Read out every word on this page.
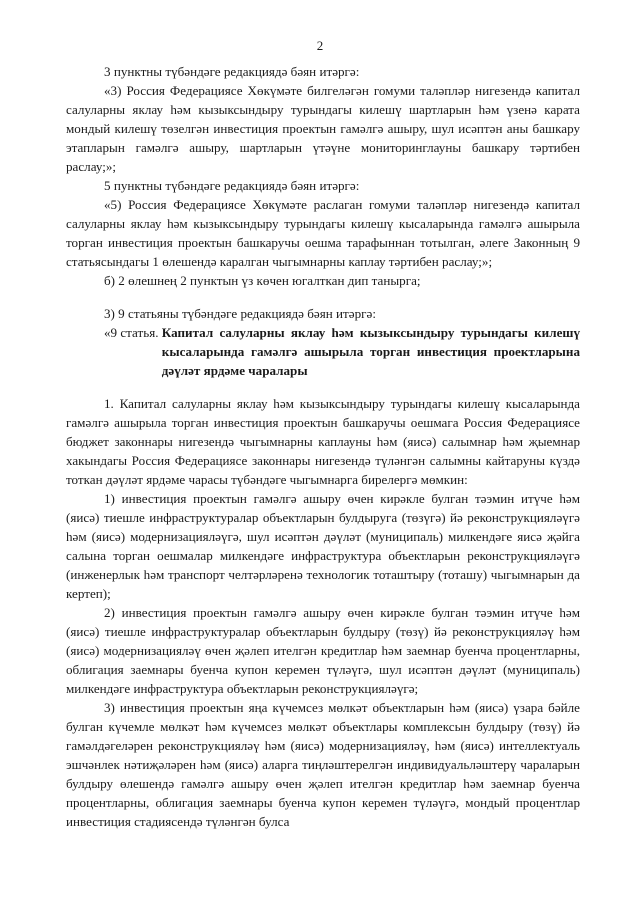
2

3 пунктны түбәндәге редакциядә бәян итәргә:

«3) Россия Федерациясе Хөкүмәте билгеләгән гомуми таләпләр нигезендә капитал салуларны яклау һәм кызыксындыру турындагы килешү шартларын һәм үзенә карата мондый килешү төзелгән инвестиция проектын гамәлгә ашыру, шул исәптән аны башкару этапларын гамәлгә ашыру, шартларын үтәүне мониторинглауны башкару тәртибен раслау;»;

5 пунктны түбәндәге редакциядә бәян итәргә:

«5) Россия Федерациясе Хөкүмәте раслаган гомуми таләпләр нигезендә капитал салуларны яклау һәм кызыксындыру турындагы килешү кысаларында гамәлгә ашырыла торган инвестиция проектын башкаручы оешма тарафыннан тотылган, әлеге Законның 9 статьясындагы 1 өлешендә каралган чыгымнарны каплау тәртибен раслау;»;

б) 2 өлешнең 2 пунктын үз көчен югалткан дип танырга;

3) 9 статьяны түбәндәге редакциядә бәян итәргә:

«9 статья. Капитал салуларны яклау һәм кызыксындыру турындагы килешү кысаларында гамәлгә ашырыла торган инвестиция проектларына дәүләт ярдәме чаралары

1. Капитал салуларны яклау һәм кызыксындыру турындагы килешү кысаларында гамәлгә ашырыла торган инвестиция проектын башкаручы оешмага Россия Федерациясе бюджет законнары нигезендә чыгымнарны каплауны һәм (яисә) салымнар һәм җыемнар хакындагы Россия Федерациясе законнары нигезендә түләнгән салымны кайтаруны күздә тоткан дәүләт ярдәме чарасы түбәндәге чыгымнарга бирелергә мөмкин:

1) инвестиция проектын гамәлгә ашыру өчен кирәкле булган тәэмин итүче һәм (яисә) тиешле инфраструктуралар объектларын булдыруга (төзүгә) йә реконструкцияләүгә һәм (яисә) модернизацияләүгә, шул исәптән дәүләт (муниципаль) милкендәге яисә җәйга салына торган оешмалар милкендәге инфраструктура объектларын реконструкцияләүгә (инженерлык һәм транспорт челтәрләренә технологик тоташтыру (тоташу) чыгымнарын да кертеп);

2) инвестиция проектын гамәлгә ашыру өчен кирәкле булган тәэмин итүче һәм (яисә) тиешле инфраструктуралар объектларын булдыру (төзү) йә реконструкцияләү һәм (яисә) модернизацияләү өчен җәлеп ителгән кредитлар һәм заемнар буенча процентларны, облигация заемнары буенча купон керемен түләүгә, шул исәптән дәүләт (муниципаль) милкендәге инфраструктура объектларын реконструкцияләүгә;

3) инвестиция проектын яңа күчемсез мөлкәт объектларын һәм (яисә) үзара бәйле булган күчемле мөлкәт һәм күчемсез мөлкәт объектлары комплексын булдыру (төзү) йә гамәлдәгеләрен реконструкцияләү һәм (яисә) модернизацияләү, һәм (яисә) интеллектуаль эшчәнлек нәтиҗәләрен һәм (яисә) аларга тиңләштерелгән индивидуальләштерү чараларын булдыру өлешендә гамәлгә ашыру өчен җәлеп ителгән кредитлар һәм заемнар буенча процентларны, облигация заемнары буенча купон керемен түләүгә, мондый процентлар инвестиция стадиясендә түләнгән булса
